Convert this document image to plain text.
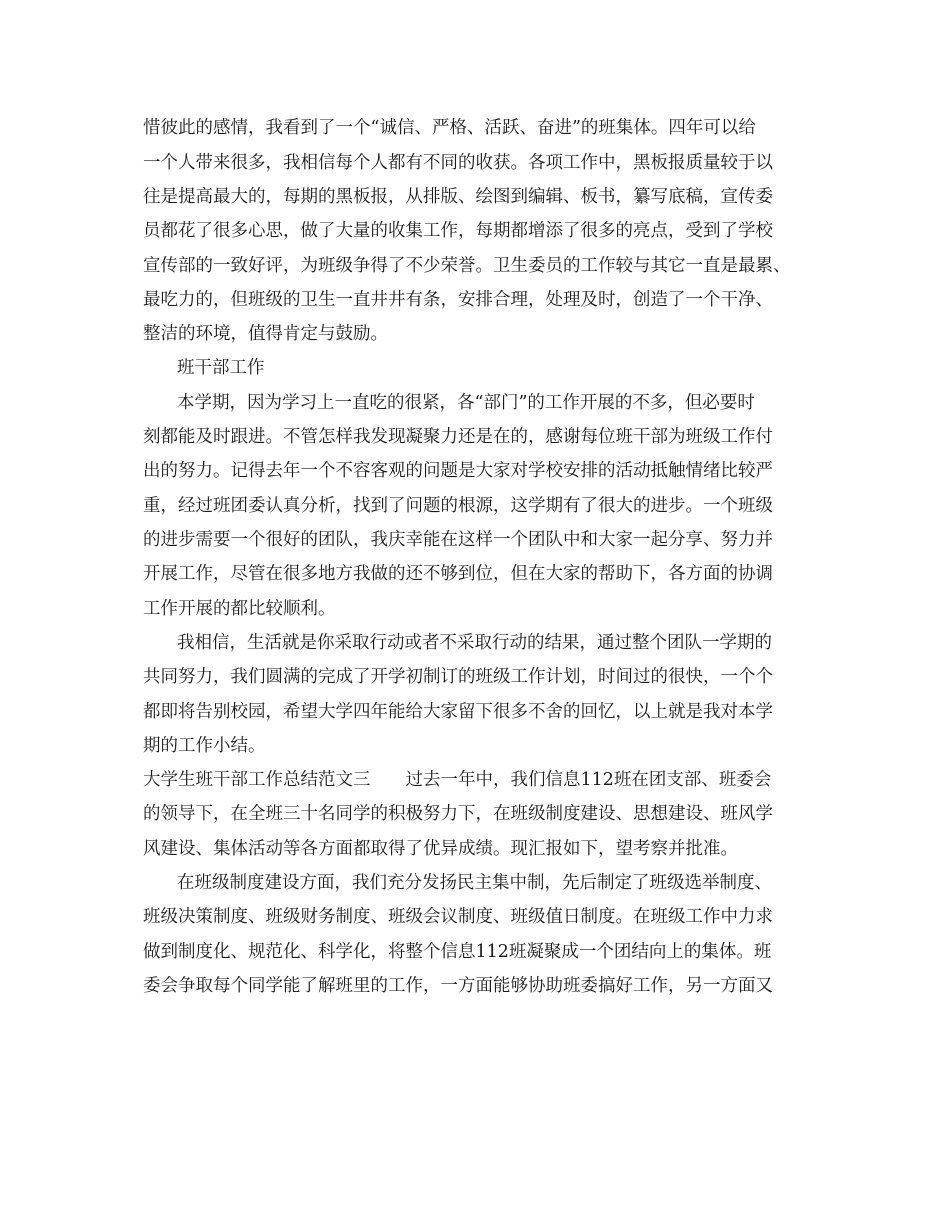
惜彼此的感情，我看到了一个“诚信、严格、活跃、奋进”的班集体。四年可以给
一个人带来很多，我相信每个人都有不同的收获。各项工作中，黑板报质量较于以
往是提高最大的，每期的黑板报，从排版、绘图到编辑、板书，纂写底稿，宣传委
员都花了很多心思，做了大量的收集工作，每期都增添了很多的亮点，受到了学校
宣传部的一致好评，为班级争得了不少荣誉。卫生委员的工作较与其它一直是最累、
最吃力的，但班级的卫生一直井井有条，安排合理，处理及时，创造了一个干净、
整洁的环境，值得肯定与鼓励。
班干部工作
本学期，因为学习上一直吃的很紧，各“部门”的工作开展的不多，但必要时
刻都能及时跟进。不管怎样我发现凝聚力还是在的，感谢每位班干部为班级工作付
出的努力。记得去年一个不容客观的问题是大家对学校安排的活动抵触情绪比较严
重，经过班团委认真分析，找到了问题的根源，这学期有了很大的进步。一个班级
的进步需要一个很好的团队，我庆幸能在这样一个团队中和大家一起分享、努力并
开展工作，尽管在很多地方我做的还不够到位，但在大家的帮助下，各方面的协调
工作开展的都比较顺利。
我相信，生活就是你采取行动或者不采取行动的结果，通过整个团队一学期的
共同努力，我们圆满的完成了开学初制订的班级工作计划，时间过的很快，一个个
都即将告别校园，希望大学四年能给大家留下很多不舍的回忆，以上就是我对本学
期的工作小结。
大学生班干部工作总结范文三　　过去一年中，我们信息112班在团支部、班委会
的领导下，在全班三十名同学的积极努力下，在班级制度建设、思想建设、班风学
风建设、集体活动等各方面都取得了优异成绩。现汇报如下，望考察并批准。
在班级制度建设方面，我们充分发扬民主集中制，先后制定了班级选举制度、
班级决策制度、班级财务制度、班级会议制度、班级值日制度。在班级工作中力求
做到制度化、规范化、科学化，将整个信息112班凝聚成一个团结向上的集体。班
委会争取每个同学能了解班里的工作，一方面能够协助班委搞好工作，另一方面又
